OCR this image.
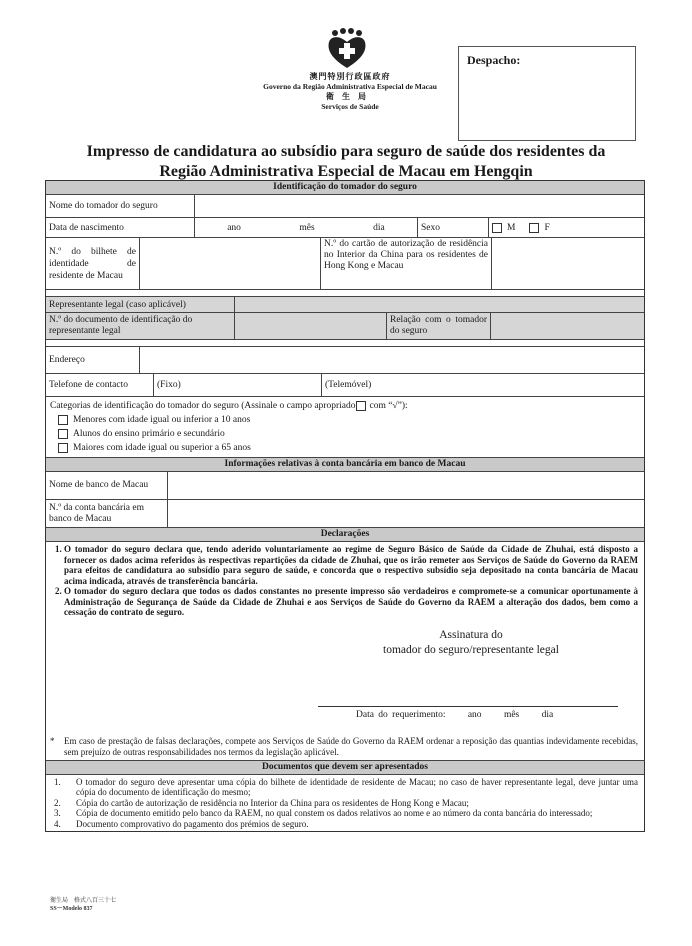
澳門特別行政區政府
Governo da Região Administrativa Especial de Macau
衛生局
Serviços de Saúde
Despacho:
Impresso de candidatura ao subsídio para seguro de saúde dos residentes da
Região Administrativa Especial de Macau em Hengqin
Identificação do tomador do seguro
Nome do tomador do seguro
Data de nascimento	ano	mês	dia	Sexo	M	F
N.º do bilhete de identidade de residente de Macau
N.º do cartão de autorização de residência no Interior da China para os residentes de Hong Kong e Macau
Representante legal (caso aplicável)
N.º do documento de identificação do representante legal
Relação com o tomador do seguro
Endereço
Telefone de contacto	(Fixo)	(Telemóvel)
Categorias de identificação do tomador do seguro (Assinale o campo apropriado com “√”):
Menores com idade igual ou inferior a 10 anos
Alunos do ensino primário e secundário
Maiores com idade igual ou superior a 65 anos
Informações relativas à conta bancária em banco de Macau
Nome de banco de Macau
N.º da conta bancária em banco de Macau
Declarações
1. O tomador do seguro declara que, tendo aderido voluntariamente ao regime de Seguro Básico de Saúde da Cidade de Zhuhai, está disposto a fornecer os dados acima referidos às respectivas repartições da cidade de Zhuhai, que os irão remeter aos Serviços de Saúde do Governo da RAEM para efeitos de candidatura ao subsídio para seguro de saúde, e concorda que o respectivo subsídio seja depositado na conta bancária de Macau acima indicada, através de transferência bancária.
2. O tomador do seguro declara que todos os dados constantes no presente impresso são verdadeiros e compromete-se a comunicar oportunamente à Administração de Segurança de Saúde da Cidade de Zhuhai e aos Serviços de Saúde do Governo da RAEM a alteração dos dados, bem como a cessação do contrato de seguro.
Assinatura do
tomador do seguro/representante legal
Data do requerimento: ano mês dia
*	Em caso de prestação de falsas declarações, compete aos Serviços de Saúde do Governo da RAEM ordenar a reposição das quantias indevidamente recebidas, sem prejuízo de outras responsabilidades nos termos da legislação aplicável.
Documentos que devem ser apresentados
1.	O tomador do seguro deve apresentar uma cópia do bilhete de identidade de residente de Macau; no caso de haver representante legal, deve juntar uma cópia do documento de identificação do mesmo;
2.	Cópia do cartão de autorização de residência no Interior da China para os residentes de Hong Kong e Macau;
3.	Cópia de documento emitido pelo banco da RAEM, no qual constem os dados relativos ao nome e ao número da conta bancária do interessado;
4.	Documento comprovativo do pagamento dos prémios de seguro.
衛生局　格式八百三十七
SS－Modelo 837
